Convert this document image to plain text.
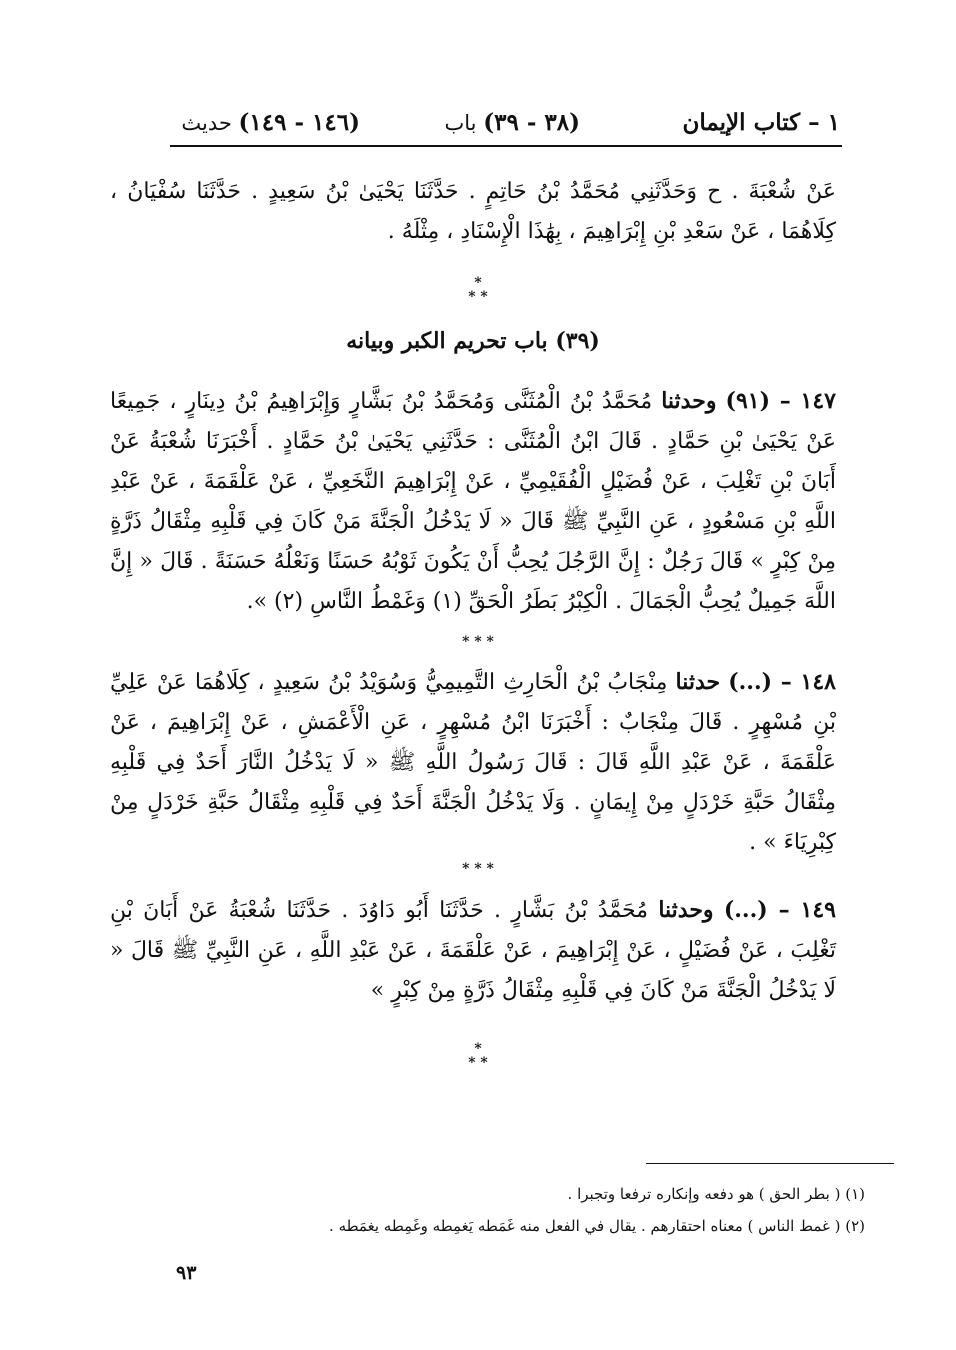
١ – كتاب الإيمان
(٣٨ - ٣٩) باب
(١٤٦ - ١٤٩) حديث
عَنْ شُعْبَةَ . ح وَحَدَّثَنِي مُحَمَّدُ بْنُ حَاتِمٍ . حَدَّثَنَا يَحْيَىٰ بْنُ سَعِيدٍ . حَدَّثَنَا سُفْيَانُ ، كِلَاهُمَا ، عَنْ سَعْدِ بْنِ إِبْرَاهِيمَ ، بِهَٰذَا الْإِسْنَادِ ، مِثْلَهُ .
*
* *
(٣٩) باب تحريم الكبر وبيانه
١٤٧ – (٩١) وحدثنا مُحَمَّدُ بْنُ الْمُثَنَّى وَمُحَمَّدُ بْنُ بَشَّارٍ وَإِبْرَاهِيمُ بْنُ دِينَارٍ ، جَمِيعًا عَنْ يَحْيَىٰ بْنِ حَمَّادٍ . قَالَ ابْنُ الْمُثَنَّى : حَدَّثَنِي يَحْيَىٰ بْنُ حَمَّادٍ . أَخْبَرَنَا شُعْبَةُ عَنْ أَبَانَ بْنِ تَغْلِبَ ، عَنْ فُضَيْلٍ الْفُقَيْمِيِّ ، عَنْ إِبْرَاهِيمَ النَّخَعِيِّ ، عَنْ عَلْقَمَةَ ، عَنْ عَبْدِ اللَّهِ بْنِ مَسْعُودٍ ، عَنِ النَّبِيِّ ﷺ قَالَ « لَا يَدْخُلُ الْجَنَّةَ مَنْ كَانَ فِي قَلْبِهِ مِثْقَالُ ذَرَّةٍ مِنْ كِبْرٍ » قَالَ رَجُلٌ : إِنَّ الرَّجُلَ يُحِبُّ أَنْ يَكُونَ ثَوْبُهُ حَسَنًا وَنَعْلُهُ حَسَنَةً . قَالَ « إِنَّ اللَّهَ جَمِيلٌ يُحِبُّ الْجَمَالَ . الْكِبْرُ بَطَرُ الْحَقِّ (١) وَغَمْطُ النَّاسِ (٢) ».
* * *
١٤٨ – (...) حدثنا مِنْجَابُ بْنُ الْحَارِثِ التَّمِيمِيُّ وَسُوَيْدُ بْنُ سَعِيدٍ ، كِلَاهُمَا عَنْ عَلِيِّ بْنِ مُسْهِرٍ . قَالَ مِنْجَابٌ : أَخْبَرَنَا ابْنُ مُسْهِرٍ ، عَنِ الْأَعْمَشِ ، عَنْ إِبْرَاهِيمَ ، عَنْ عَلْقَمَةَ ، عَنْ عَبْدِ اللَّهِ قَالَ : قَالَ رَسُولُ اللَّهِ ﷺ « لَا يَدْخُلُ النَّارَ أَحَدٌ فِي قَلْبِهِ مِثْقَالُ حَبَّةِ خَرْدَلٍ مِنْ إِيمَانٍ . وَلَا يَدْخُلُ الْجَنَّةَ أَحَدٌ فِي قَلْبِهِ مِثْقَالُ حَبَّةِ خَرْدَلٍ مِنْ كِبْرِيَاءَ » .
* * *
١٤٩ – (...) وحدثنا مُحَمَّدُ بْنُ بَشَّارٍ . حَدَّثَنَا أَبُو دَاوُدَ . حَدَّثَنَا شُعْبَةُ عَنْ أَبَانَ بْنِ تَغْلِبَ ، عَنْ فُضَيْلٍ ، عَنْ إِبْرَاهِيمَ ، عَنْ عَلْقَمَةَ ، عَنْ عَبْدِ اللَّهِ ، عَنِ النَّبِيِّ ﷺ قَالَ « لَا يَدْخُلُ الْجَنَّةَ مَنْ كَانَ فِي قَلْبِهِ مِثْقَالُ ذَرَّةٍ مِنْ كِبْرٍ »
*
* *
(١) ( بطر الحق ) هو دفعه وإنكاره ترفعا وتجبرا .
(٢) ( غمط الناس ) معناه احتقارهم . يقال في الفعل منه غَمَطه يَغمِطه وغَمِطه يغمَطه .
٩٣
